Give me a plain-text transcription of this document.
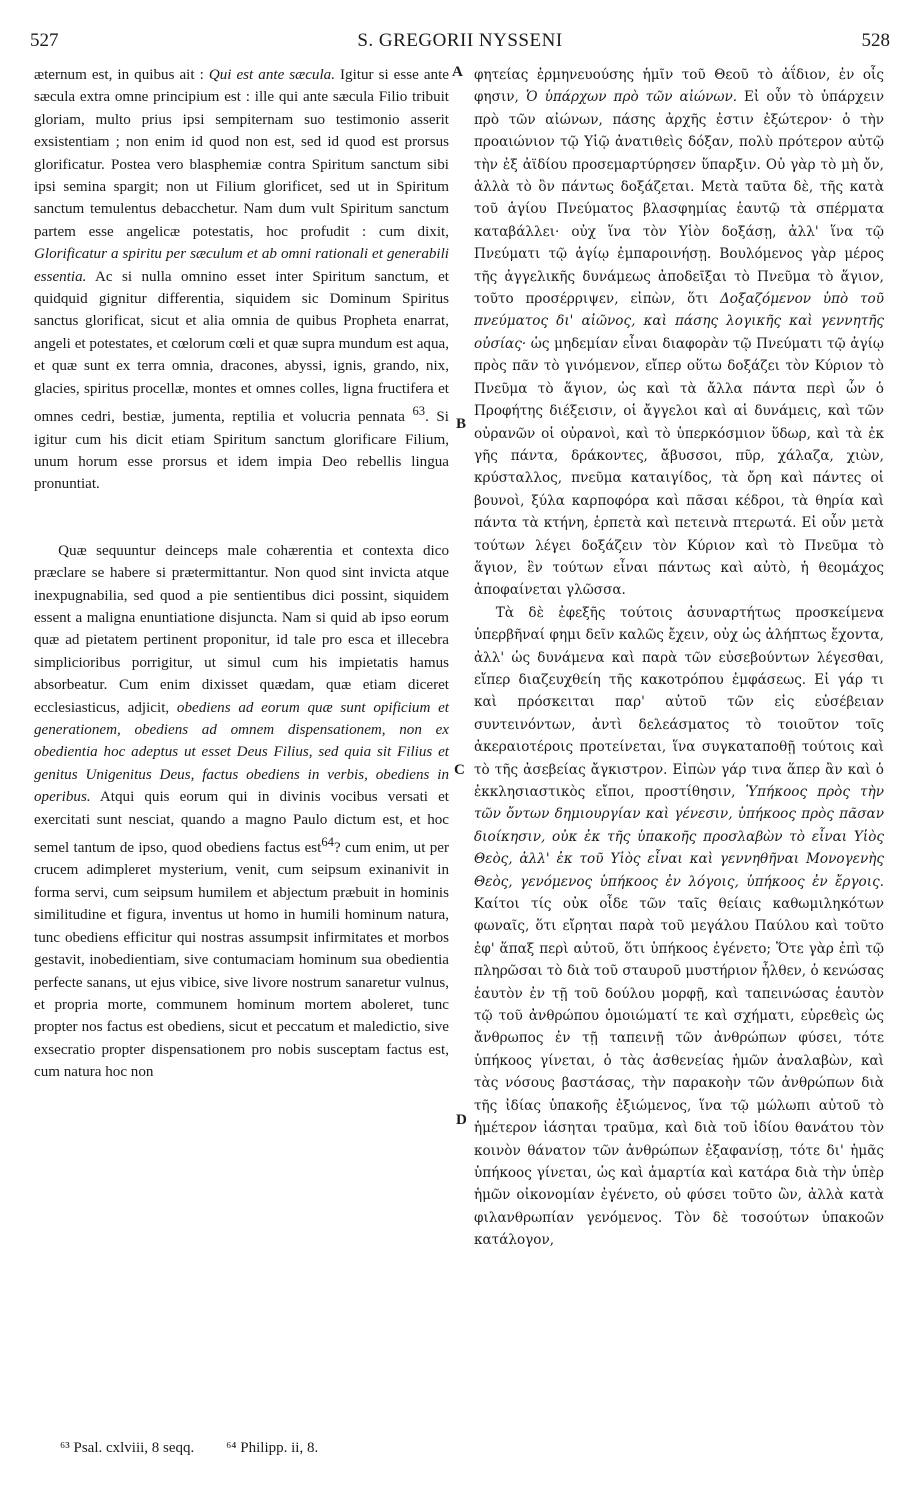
527	S. GREGORII NYSSENI	528

æternum est, in quibus ait : Qui est ante sæcula. Igitur si esse ante sæcula extra omne principium est : ille qui ante sæcula Filio tribuit gloriam, multo prius ipsi sempiternam suo testimonio asserit exsistentiam ; non enim id quod non est, sed id quod est prorsus glorificatur. Postea vero blasphemiæ contra Spiritum sanctum sibi ipsi semina spargit; non ut Filium glorificet, sed ut in Spiritum sanctum temulentus debacchetur. Nam dum vult Spiritum sanctum partem esse angelicæ potestatis, hoc profudit : cum dixit, Glorificatur a spiritu per sæculum et ab omni rationali et generabili essentia. Ac si nulla omnino esset inter Spiritum sanctum, et quidquid gignitur differentia, siquidem sic Dominum Spiritus sanctus glorificat, sicut et alia omnia de quibus Propheta enarrat, angeli et potestates, et cœlorum cœli et quæ supra mundum est aqua, et quæ sunt ex terra omnia, dracones, abyssi, ignis, grando, nix, glacies, spiritus procellæ, montes et omnes colles, ligna fructifera et omnes cedri, bestiæ, jumenta, reptilia et volucria pennata $^{63}$. Si igitur cum his dicit etiam Spiritum sanctum glorificare Filium, unum horum esse prorsus et idem impia Deo rebellis lingua pronuntiat.

Quæ sequuntur deinceps male cohærentia et contexta dico præclare se habere si prætermittantur. Non quod sint invicta atque inexpugnabilia, sed quod a pie sentientibus dici possint, siquidem essent a maligna enuntiatione disjuncta. Nam si quid ab ipso eorum quæ ad pietatem pertinent proponitur, id tale pro esca et illecebra simplicioribus porrigitur, ut simul cum his impietatis hamus absorbeatur. Cum enim dixisset quædam, quæ etiam diceret ecclesiasticus, adjicit, obediens ad eorum quæ sunt opificium et generationem, obediens ad omnem dispensationem, non ex obedientia hoc adeptus ut esset Deus Filius, sed quia sit Filius et genitus Unigenitus Deus, factus obediens in verbis, obediens in operibus. Atqui quis eorum qui in divinis vocibus versati et exercitati sunt nesciat, quando a magno Paulo dictum est, et hoc semel tantum de ipso, quod obediens factus est$^{64}$? cum enim, ut per crucem adimpleret mysterium, venit, cum seipsum exinanivit in forma servi, cum seipsum humilem et abjectum præbuit in hominis similitudine et figura, inventus ut homo in humili hominum natura, tunc obediens efficitur qui nostras assumpsit infirmitates et morbos gestavit, inobedientiam, sive contumaciam hominum sua obedientia perfecte sanans, ut ejus vibice, sive livore nostrum sanaretur vulnus, et propria morte, communem hominum mortem aboleret, tunc propter nos factus est obediens, sicut et peccatum et maledictio, sive exsecratio propter dispensationem pro nobis susceptam factus est, cum natura hoc non

φητείας ἑρμηνευούσης ἡμῖν τοῦ Θεοῦ τὸ ἀΐδιον, ἐν οἷς φησιν, Ὁ ὑπάρχων πρὸ τῶν αἰώνων. Εἰ οὖν τὸ ὑπάρχειν πρὸ τῶν αἰώνων, πάσης ἀρχῆς ἐστιν ἐξώτερον· ὁ τὴν προαιώνιον τῷ Υἱῷ ἀνατιθεὶς δόξαν, πολὺ πρότερον αὐτῷ τὴν ἐξ ἀϊδίου προσεμαρτύρησεν ὕπαρξιν. Οὐ γὰρ τὸ μὴ ὄν, ἀλλὰ τὸ ὂν πάντως δοξάζεται. Μετὰ ταῦτα δὲ, τῆς κατὰ τοῦ ἁγίου Πνεύματος βλασφημίας ἑαυτῷ τὰ σπέρματα καταβάλλει· οὐχ ἵνα τὸν Υἱὸν δοξάσῃ, ἀλλ' ἵνα τῷ Πνεύματι τῷ ἁγίῳ ἐμπαροινήσῃ. Βουλόμενος γὰρ μέρος τῆς ἀγγελικῆς δυνάμεως ἀποδεῖξαι τὸ Πνεῦμα τὸ ἅγιον, τοῦτο προσέρριψεν, εἰπὼν, ὅτι Δοξαζόμενον ὑπὸ τοῦ πνεύματος δι' αἰῶνος, καὶ πάσης λογικῆς καὶ γεννητῆς οὐσίας· ὡς μηδεμίαν εἶναι διαφορὰν τῷ Πνεύματι τῷ ἁγίῳ πρὸς πᾶν τὸ γινόμενον, εἴπερ οὕτω δοξάζει τὸν Κύριον τὸ Πνεῦμα τὸ ἅγιον, ὡς καὶ τὰ ἄλλα πάντα περὶ ὧν ὁ Προφήτης διέξεισιν, οἱ ἄγγελοι καὶ αἱ δυνάμεις, καὶ τῶν οὐρανῶν οἱ οὐρανοὶ, καὶ τὸ ὑπερκόσμιον ὕδωρ, καὶ τὰ ἐκ γῆς πάντα, δράκοντες, ἄβυσσοι, πῦρ, χάλαζα, χιὼν, κρύσταλλος, πνεῦμα καταιγίδος, τὰ ὄρη καὶ πάντες οἱ βουνοὶ, ξύλα καρποφόρα καὶ πᾶσαι κέδροι, τὰ θηρία καὶ πάντα τὰ κτήνη, ἑρπετὰ καὶ πετεινὰ πτερωτά. Εἰ οὖν μετὰ τούτων λέγει δοξάζειν τὸν Κύριον καὶ τὸ Πνεῦμα τὸ ἅγιον, ἓν τούτων εἶναι πάντως καὶ αὐτὸ, ἡ θεομάχος ἀποφαίνεται γλῶσσα.

Τὰ δὲ ἐφεξῆς τούτοις ἀσυναρτήτως προσκείμενα ὑπερβῆναί φημι δεῖν καλῶς ἔχειν, οὐχ ὡς ἀλήπτως ἔχοντα, ἀλλ' ὡς δυνάμενα καὶ παρὰ τῶν εὐσεβούντων λέγεσθαι, εἴπερ διαζευχθείη τῆς κακοτρόπου ἐμφάσεως. Εἰ γάρ τι καὶ πρόσκειται παρ' αὐτοῦ τῶν εἰς εὐσέβειαν συντεινόντων, ἀντὶ δελεάσματος τὸ τοιοῦτον τοῖς ἀκεραιοτέροις προτείνεται, ἵνα συγκαταποθῇ τούτοις καὶ τὸ τῆς ἀσεβείας ἄγκιστρον. Εἰπὼν γάρ τινα ἅπερ ἂν καὶ ὁ ἐκκλησιαστικὸς εἴποι, προστίθησιν, Ὑπήκοος πρὸς τὴν τῶν ὄντων δημιουργίαν καὶ γένεσιν, ὑπήκοος πρὸς πᾶσαν διοίκησιν, οὐκ ἐκ τῆς ὑπακοῆς προσλαβὼν τὸ εἶναι Υἱὸς Θεὸς, ἀλλ' ἐκ τοῦ Υἱὸς εἶναι καὶ γεννηθῆναι Μονογενὴς Θεὸς, γενόμενος ὑπήκοος ἐν λόγοις, ὑπήκοος ἐν ἔργοις. Καίτοι τίς οὐκ οἶδε τῶν ταῖς θείαις καθωμιληκότων φωναῖς, ὅτι εἴρηται παρὰ τοῦ μεγάλου Παύλου καὶ τοῦτο ἐφ' ἅπαξ περὶ αὐτοῦ, ὅτι ὑπήκοος ἐγένετο; Ὅτε γὰρ ἐπὶ τῷ πληρῶσαι τὸ διὰ τοῦ σταυροῦ μυστήριον ἦλθεν, ὁ κενώσας ἑαυτὸν ἐν τῇ τοῦ δούλου μορφῇ, καὶ ταπεινώσας ἑαυτὸν τῷ τοῦ ἀνθρώπου ὁμοιώματί τε καὶ σχήματι, εὑρεθεὶς ὡς ἄνθρωπος ἐν τῇ ταπεινῇ τῶν ἀνθρώπων φύσει, τότε ὑπήκοος γίνεται, ὁ τὰς ἀσθενείας ἡμῶν ἀναλαβὼν, καὶ τὰς νόσους βαστάσας, τὴν παρακοὴν τῶν ἀνθρώπων διὰ τῆς ἰδίας ὑπακοῆς ἐξιώμενος, ἵνα τῷ μώλωπι αὐτοῦ τὸ ἡμέτερον ἰάσηται τραῦμα, καὶ διὰ τοῦ ἰδίου θανάτου τὸν κοινὸν θάνατον τῶν ἀνθρώπων ἐξαφανίσῃ, τότε δι' ἡμᾶς ὑπήκοος γίνεται, ὡς καὶ ἁμαρτία καὶ κατάρα διὰ τὴν ὑπὲρ ἡμῶν οἰκονομίαν ἐγένετο, οὐ φύσει τοῦτο ὢν, ἀλλὰ κατὰ φιλανθρωπίαν γενόμενος. Τὸν δὲ τοσούτων ὑπακοῶν κατάλογον,

A
B
C
D
⁶³ Psal. cxlviii, 8 seqq. ⁶⁴ Philipp. ii, 8.
